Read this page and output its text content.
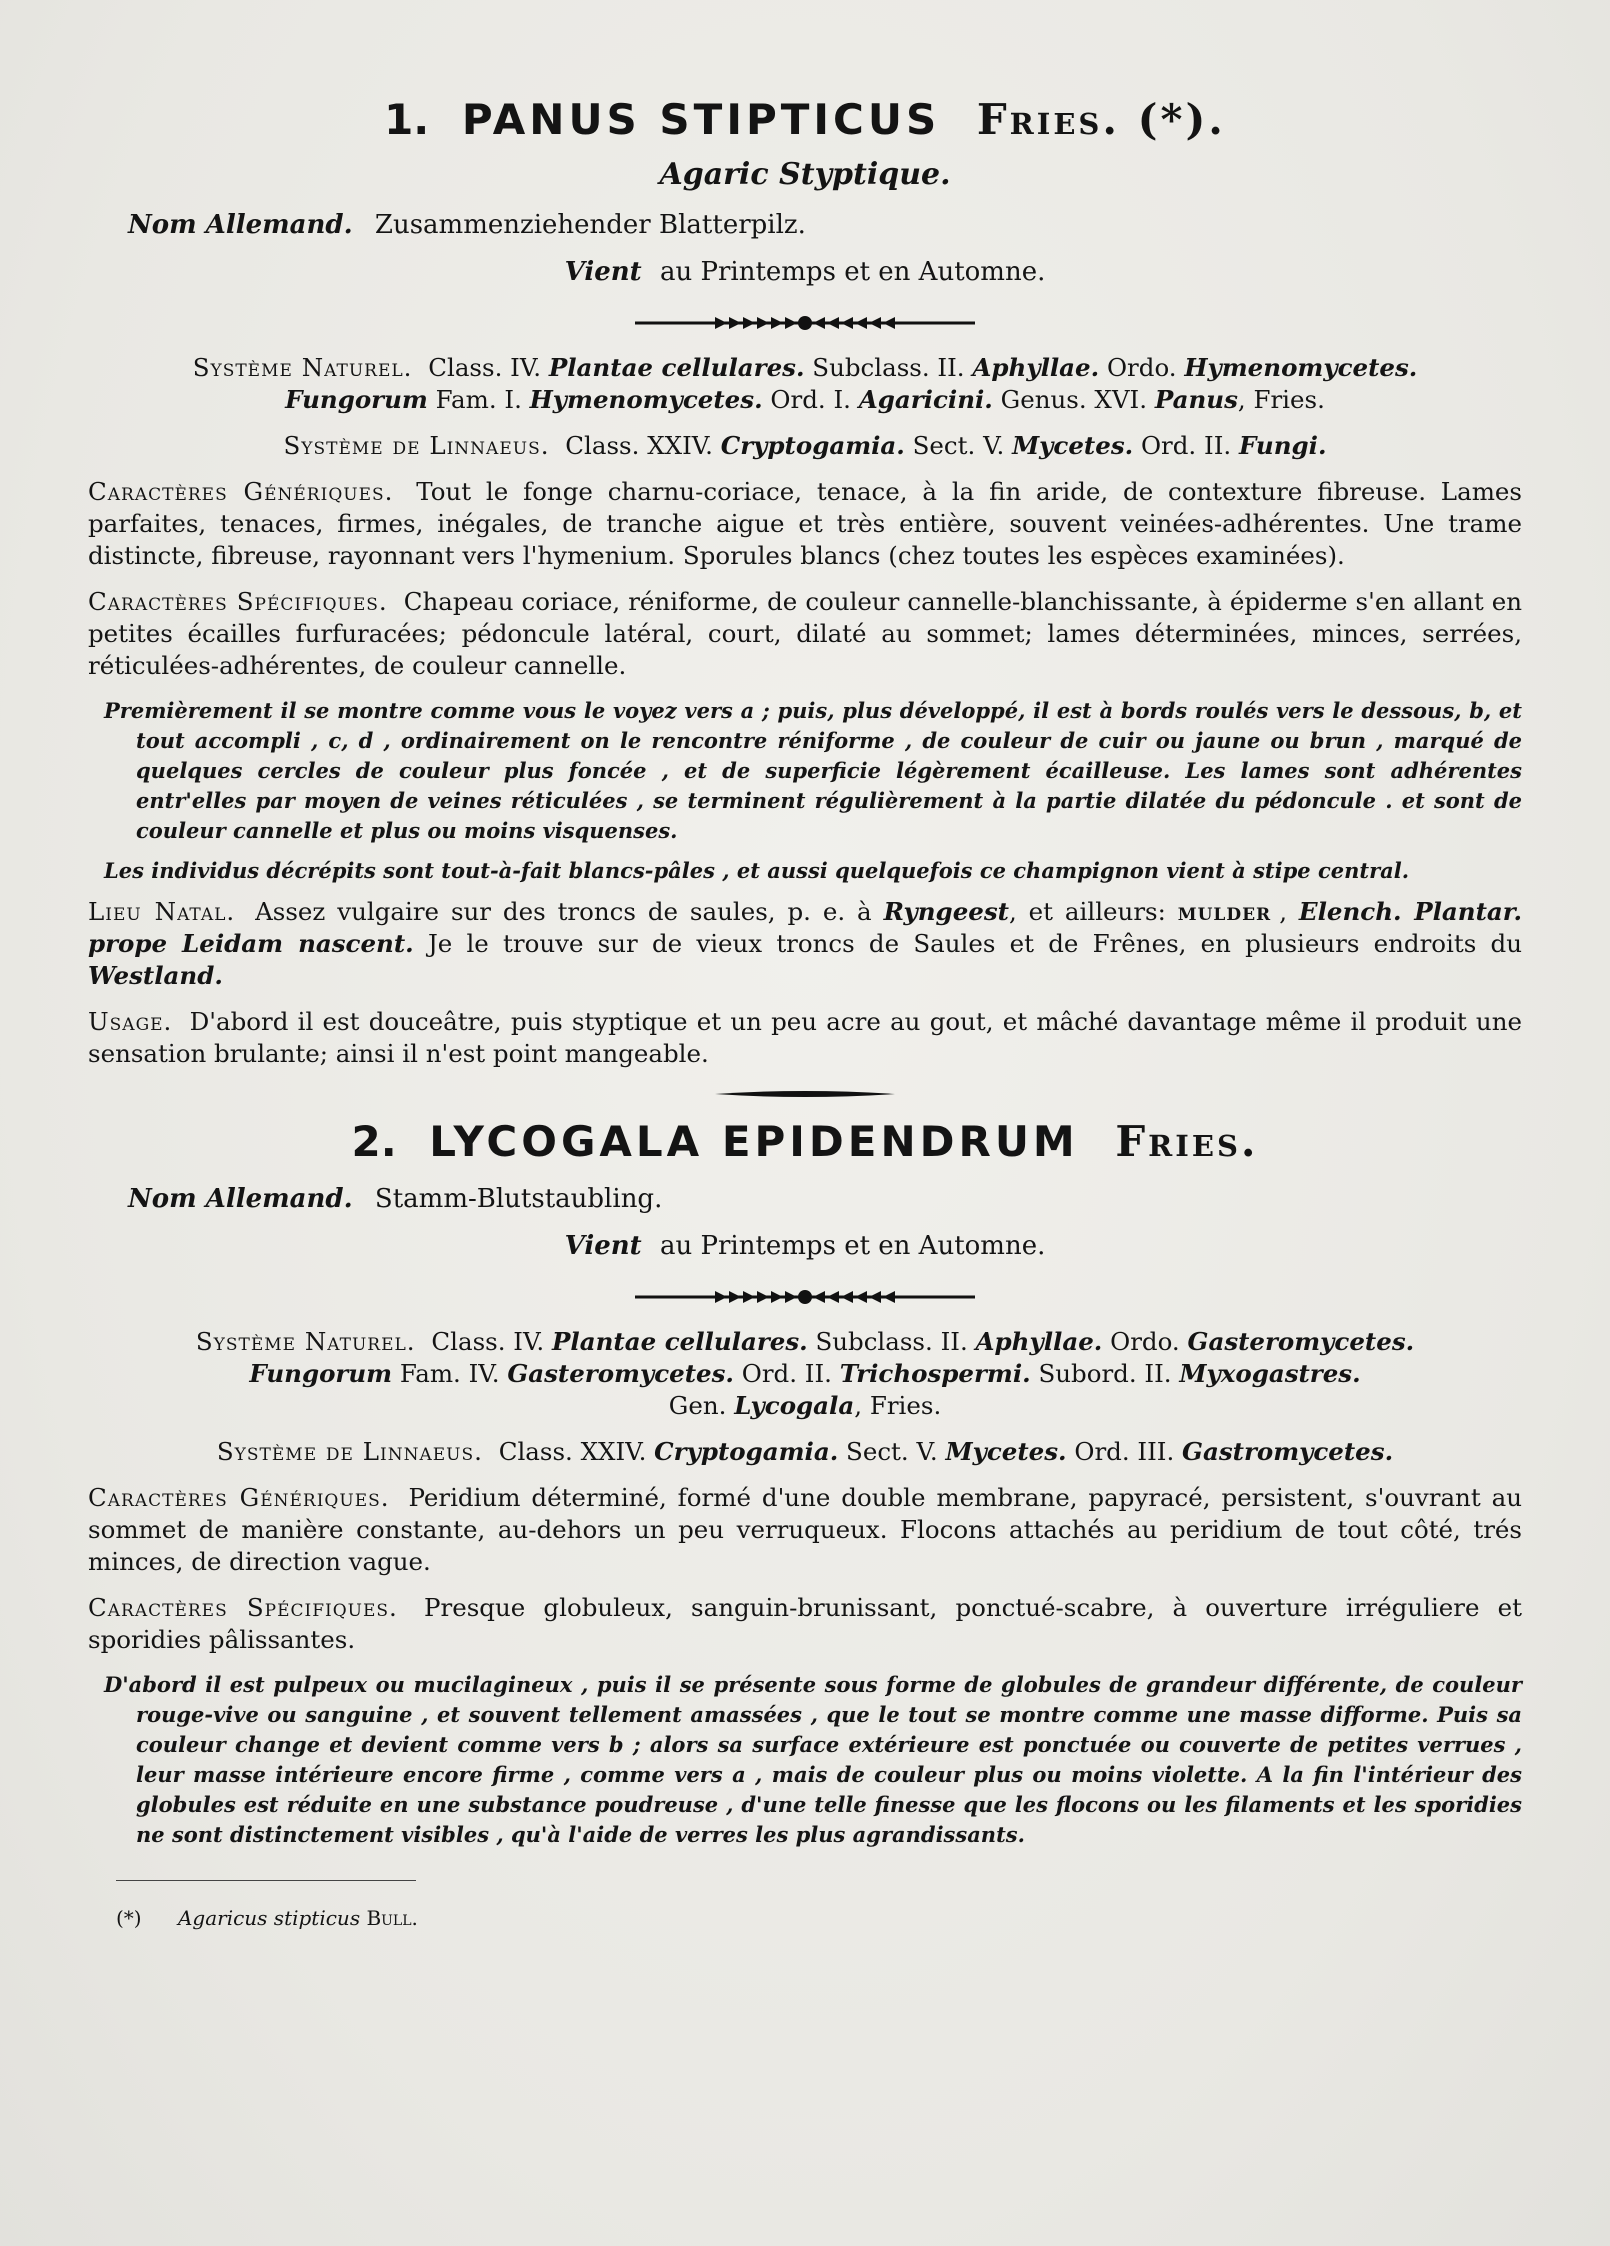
1. PANUS STIPTICUS Fries. (*).
Agaric Styptique.
Nom Allemand. Zusammenziehender Blatterpilz.
Vient au Printemps et en Automne.

Système Naturel. Class. IV. Plantae cellulares. Subclass. II. Aphyllae. Ordo. Hymenomycetes.
Fungorum Fam. I. Hymenomycetes. Ord. I. Agaricini. Genus. XVI. Panus, Fries.

Système de Linnaeus. Class. XXIV. Cryptogamia. Sect. V. Mycetes. Ord. II. Fungi.

Caractères Génériques. Tout le fonge charnu-coriace, tenace, à la fin aride, de contexture fibreuse. Lames parfaites, tenaces, firmes, inégales, de tranche aigue et très entière, souvent veinées-adhérentes. Une trame distincte, fibreuse, rayonnant vers l'hymenium. Sporules blancs (chez toutes les espèces examinées).

Caractères Spécifiques. Chapeau coriace, réniforme, de couleur cannelle-blanchissante, à épiderme s'en allant en petites écailles furfuracées; pédoncule latéral, court, dilaté au sommet; lames déterminées, minces, serrées, réticulées-adhérentes, de couleur cannelle.

Premièrement il se montre comme vous le voyez vers a ; puis, plus développé, il est à bords roulés vers le dessous, b, et tout accompli , c, d , ordinairement on le rencontre réniforme , de couleur de cuir ou jaune ou brun , marqué de quelques cercles de couleur plus foncée , et de superficie légèrement écailleuse. Les lames sont adhérentes entr'elles par moyen de veines réticulées , se terminent régulièrement à la partie dilatée du pédoncule . et sont de couleur cannelle et plus ou moins visquenses.

Les individus décrépits sont tout-à-fait blancs-pâles , et aussi quelquefois ce champignon vient à stipe central.

Lieu Natal. Assez vulgaire sur des troncs de saules, p. e. à Ryngeest, et ailleurs: mulder , Elench. Plantar. prope Leidam nascent. Je le trouve sur de vieux troncs de Saules et de Frênes, en plusieurs endroits du Westland.

Usage. D'abord il est douceâtre, puis styptique et un peu acre au gout, et mâché davantage même il produit une sensation brulante; ainsi il n'est point mangeable.

2. LYCOGALA EPIDENDRUM Fries.
Nom Allemand. Stamm-Blutstaubling.
Vient au Printemps et en Automne.

Système Naturel. Class. IV. Plantae cellulares. Subclass. II. Aphyllae. Ordo. Gasteromycetes.
Fungorum Fam. IV. Gasteromycetes. Ord. II. Trichospermi. Subord. II. Myxogastres.
Gen. Lycogala, Fries.

Système de Linnaeus. Class. XXIV. Cryptogamia. Sect. V. Mycetes. Ord. III. Gastromycetes.

Caractères Génériques. Peridium déterminé, formé d'une double membrane, papyracé, persistent, s'ouvrant au sommet de manière constante, au-dehors un peu verruqueux. Flocons attachés au peridium de tout côté, trés minces, de direction vague.

Caractères Spécifiques. Presque globuleux, sanguin-brunissant, ponctué-scabre, à ouverture irréguliere et sporidies pâlissantes.

D'abord il est pulpeux ou mucilagineux , puis il se présente sous forme de globules de grandeur différente, de couleur rouge-vive ou sanguine , et souvent tellement amassées , que le tout se montre comme une masse difforme. Puis sa couleur change et devient comme vers b ; alors sa surface extérieure est ponctuée ou couverte de petites verrues , leur masse intérieure encore firme , comme vers a , mais de couleur plus ou moins violette. A la fin l'intérieur des globules est réduite en une substance poudreuse , d'une telle finesse que les flocons ou les filaments et les sporidies ne sont distinctement visibles , qu'à l'aide de verres les plus agrandissants.

(*) Agaricus stipticus Bull.
